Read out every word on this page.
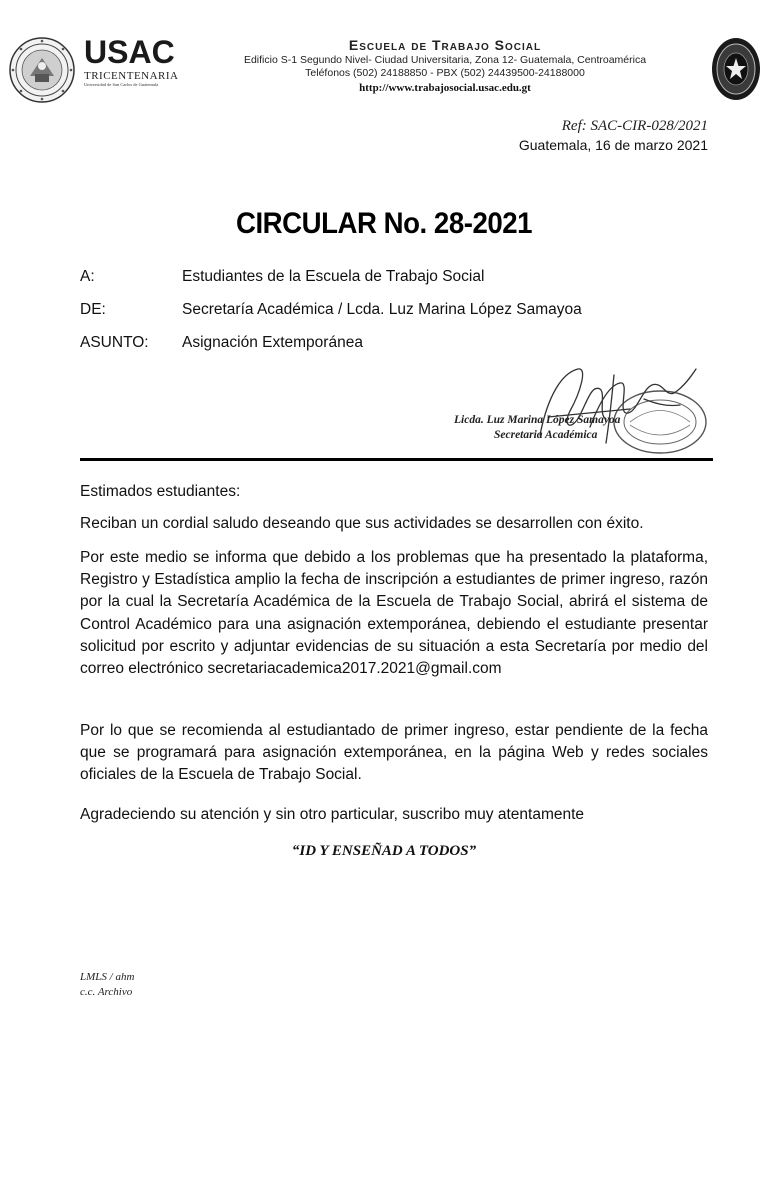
USAC
TRICENTENARIA
Universidad de San Carlos de Guatemala
Escuela de Trabajo Social
Edificio S-1 Segundo Nivel- Ciudad Universitaria, Zona 12- Guatemala, Centroamérica
Teléfonos (502) 24188850 - PBX (502) 24439500-24188000
http://www.trabajosocial.usac.edu.gt
Ref: SAC-CIR-028/2021
Guatemala, 16 de marzo 2021
CIRCULAR No. 28-2021
A:	Estudiantes de la Escuela de Trabajo Social
DE:	Secretaría Académica / Lcda. Luz Marina López Samayoa
ASUNTO: Asignación Extemporánea
Licda. Luz Marina López Samayoa
Secretaria Académica
Estimados estudiantes:
Reciban un cordial saludo deseando que sus actividades se desarrollen con éxito.
Por este medio se informa que debido a los problemas que ha presentado la plataforma, Registro y Estadística amplio la fecha de inscripción a estudiantes de primer ingreso, razón por la cual la Secretaría Académica de la Escuela de Trabajo Social, abrirá el sistema de Control Académico para una asignación extemporánea, debiendo el estudiante presentar solicitud por escrito y adjuntar evidencias de su situación a esta Secretaría por medio del correo electrónico secretariacademica2017.2021@gmail.com
Por lo que se recomienda al estudiantado de primer ingreso, estar pendiente de la fecha que se programará para asignación extemporánea, en la página Web y redes sociales oficiales de la Escuela de Trabajo Social.
Agradeciendo su atención y sin otro particular, suscribo muy atentamente
“ID Y ENSEÑAD A TODOS”
LMLS / ahm
c.c. Archivo
